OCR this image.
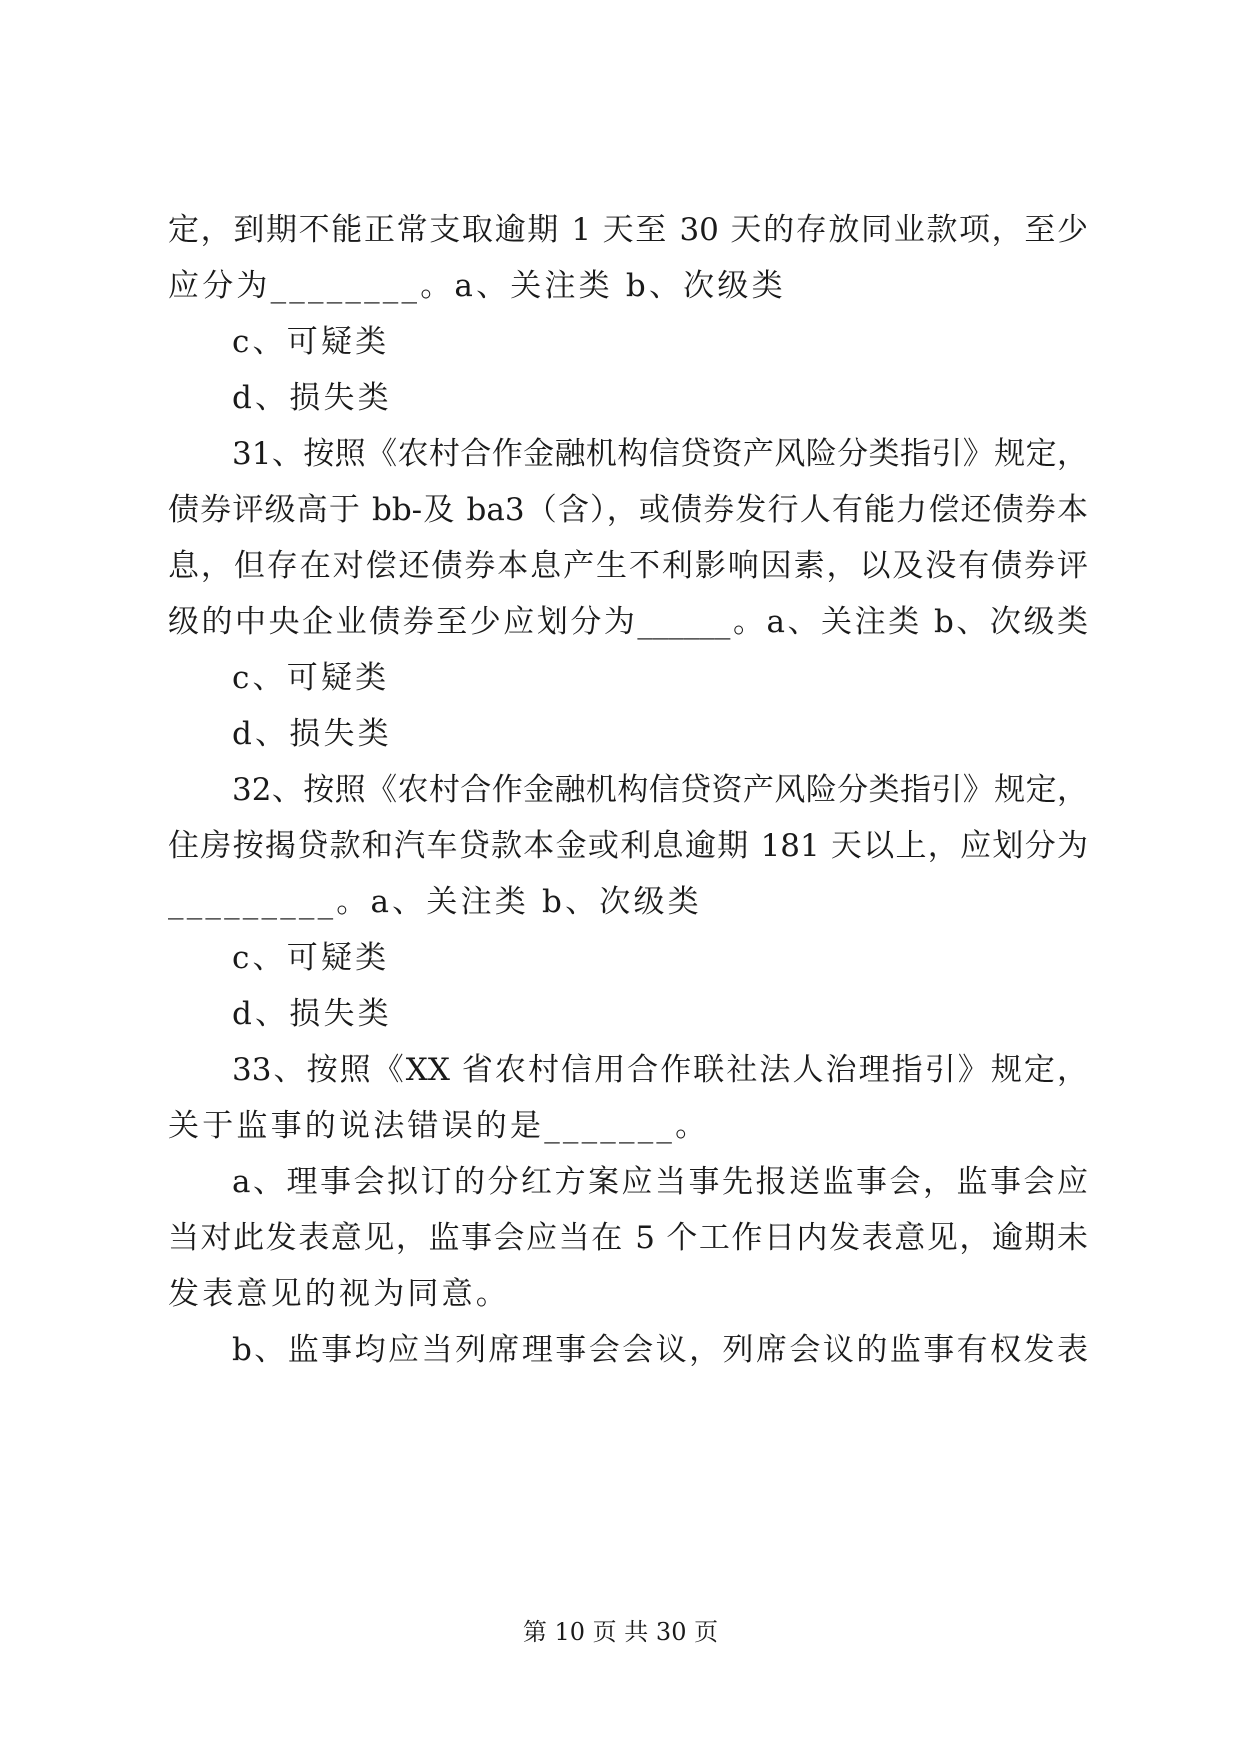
定，到期不能正常支取逾期 1 天至 30 天的存放同业款项，至少
应分为________。a、关注类 b、次级类
c、可疑类
d、损失类
31、按照《农村合作金融机构信贷资产风险分类指引》规定，
债券评级高于 bb-及 ba3（含），或债券发行人有能力偿还债券本
息，但存在对偿还债券本息产生不利影响因素，以及没有债券评
级的中央企业债券至少应划分为______。a、关注类 b、次级类
c、可疑类
d、损失类
32、按照《农村合作金融机构信贷资产风险分类指引》规定，
住房按揭贷款和汽车贷款本金或利息逾期 181 天以上，应划分为
_________。a、关注类 b、次级类
c、可疑类
d、损失类
33、按照《XX 省农村信用合作联社法人治理指引》规定，
关于监事的说法错误的是_______。
a、理事会拟订的分红方案应当事先报送监事会，监事会应
当对此发表意见，监事会应当在 5 个工作日内发表意见，逾期未
发表意见的视为同意。
b、监事均应当列席理事会会议，列席会议的监事有权发表
第 10 页 共 30 页
